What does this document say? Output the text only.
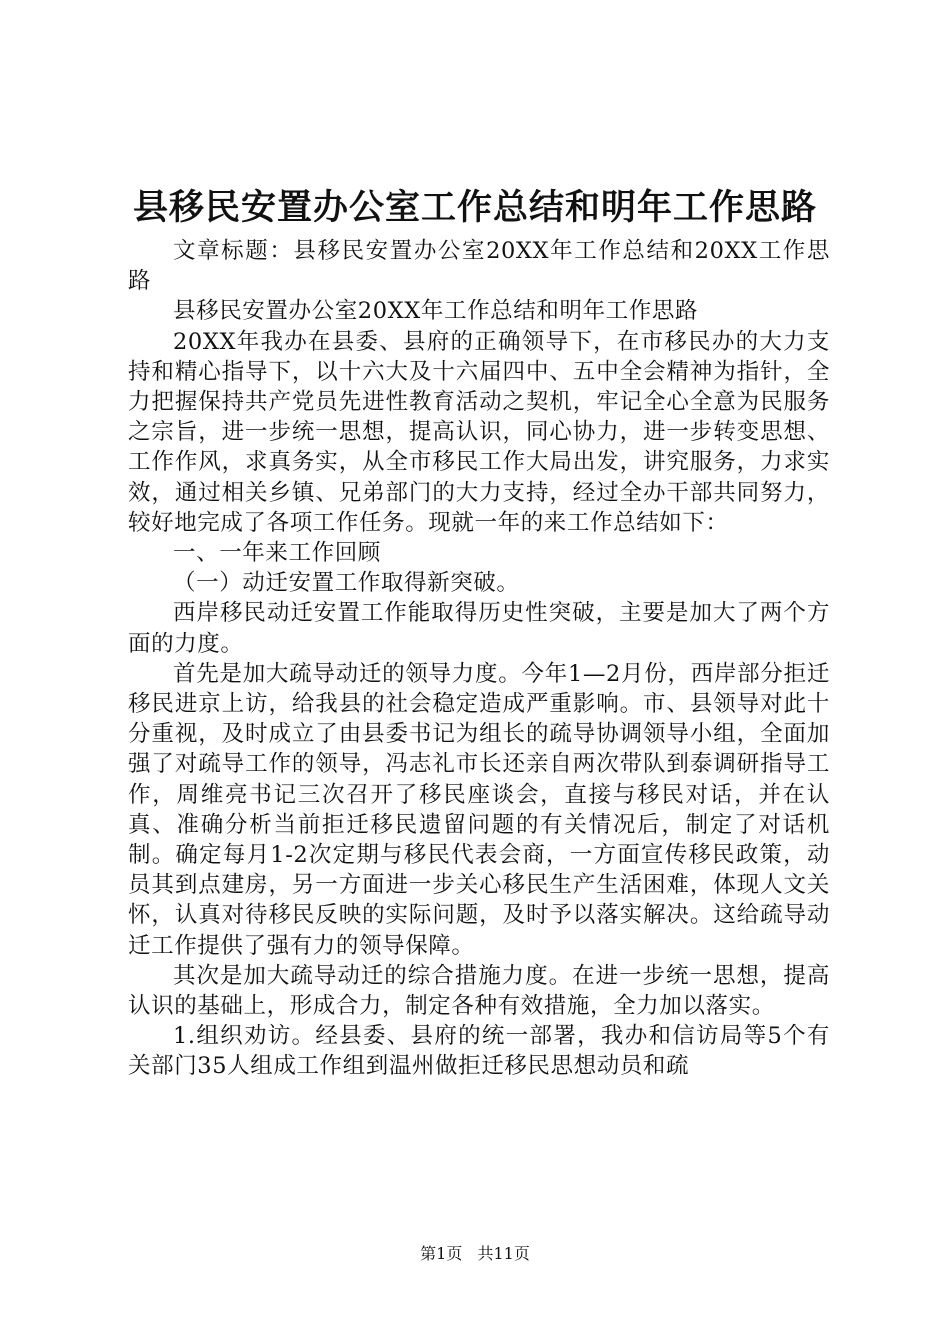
县移民安置办公室工作总结和明年工作思路

文章标题：县移民安置办公室20XX年工作总结和20XX工作思路

县移民安置办公室20XX年工作总结和明年工作思路

20XX年我办在县委、县府的正确领导下，在市移民办的大力支持和精心指导下，以十六大及十六届四中、五中全会精神为指针，全力把握保持共产党员先进性教育活动之契机，牢记全心全意为民服务之宗旨，进一步统一思想，提高认识，同心协力，进一步转变思想、工作作风，求真务实，从全市移民工作大局出发，讲究服务，力求实效，通过相关乡镇、兄弟部门的大力支持，经过全办干部共同努力，较好地完成了各项工作任务。现就一年的来工作总结如下：

一、一年来工作回顾

（一）动迁安置工作取得新突破。

西岸移民动迁安置工作能取得历史性突破，主要是加大了两个方面的力度。

首先是加大疏导动迁的领导力度。今年1—2月份，西岸部分拒迁移民进京上访，给我县的社会稳定造成严重影响。市、县领导对此十分重视，及时成立了由县委书记为组长的疏导协调领导小组，全面加强了对疏导工作的领导，冯志礼市长还亲自两次带队到泰调研指导工作，周维亮书记三次召开了移民座谈会，直接与移民对话，并在认真、准确分析当前拒迁移民遗留问题的有关情况后，制定了对话机制。确定每月1-2次定期与移民代表会商，一方面宣传移民政策，动员其到点建房，另一方面进一步关心移民生产生活困难，体现人文关怀，认真对待移民反映的实际问题，及时予以落实解决。这给疏导动迁工作提供了强有力的领导保障。

其次是加大疏导动迁的综合措施力度。在进一步统一思想，提高认识的基础上，形成合力，制定各种有效措施，全力加以落实。

1.组织劝访。经县委、县府的统一部署，我办和信访局等5个有关部门35人组成工作组到温州做拒迁移民思想动员和疏

第1页 共11页
